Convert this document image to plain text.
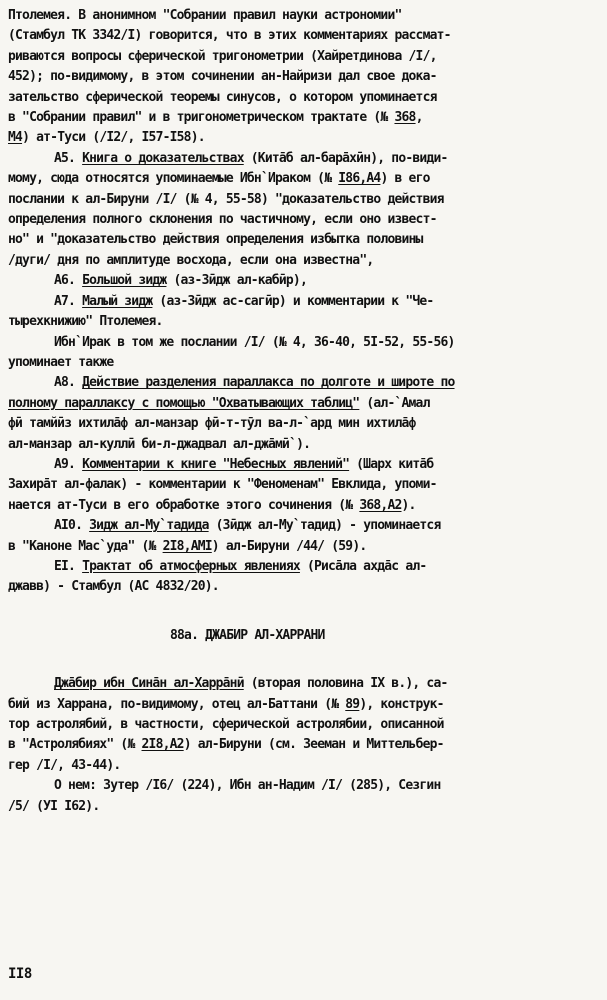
Птолемея. В анонимном "Собрании правил науки астрономии"
(Стамбул ТК 3342/I) говорится, что в этих комментариях рассмат-
риваются вопросы сферической тригонометрии (Хайретдинова /I/,
452); по-видимому, в этом сочинении ан-Найризи дал свое дока-
зательство сферической теоремы синусов, о котором упоминается
в "Собрании правил" и в тригонометрическом трактате (№ 368,
М4) ат-Туси (/I2/, I57-I58).
А5. Книга о доказательствах (Китāб ал-барāхӣн), по-види-
мому, сюда относятся упоминаемые Ибн`Ираком (№ I86,А4) в его
послании к ал-Бируни /I/ (№ 4, 55-58) "доказательство действия
определения полного склонения по частичному, если оно извест-
но" и "доказательство действия определения избытка половины
/дуги/ дня по амплитуде восхода, если она известна",
А6. Большой зидж (аз-Зӣдж ал-кабӣр),
А7. Малый зидж (аз-Зӣдж ас-сагӣр) и комментарии к "Че-
тырехкнижию" Птолемея.
Ибн`Ирак в том же послании /I/ (№ 4, 36-40, 5I-52, 55-56)
упоминает также
А8. Действие разделения параллакса по долготе и широте по
полному параллаксу с помощью "Охватывающих таблиц" (ал-`Амал
фӣ тамйӣз ихтилāф ал-манзар фӣ-т-тӯл ва-л-`ард мин ихтилāф
ал-манзар ал-куллӣ би-л-джадвал ал-джāмӣ`).
А9. Комментарии к книге "Небесных явлений" (Шарх китāб
Захирāт ал-фалак) - комментарии к "Феноменам" Евклида, упоми-
нается ат-Туси в его обработке этого сочинения (№ 368,А2).
АI0. Зидж ал-Му`тадида (Зӣдж ал-Му`тадид) - упоминается
в "Каноне Мас`уда" (№ 2I8,АМI) ал-Бируни /44/ (59).
ЕI. Трактат об атмосферных явлениях (Рисāла ахдāс ал-
джавв) - Стамбул (АС 4832/20).
88а. ДЖАБИР АЛ-ХАРРАНИ
Джāбир ибн Синāн ал-Харрāнӣ (вторая половина IX в.), са-
бий из Харрана, по-видимому, отец ал-Баттани (№ 89), конструк-
тор астролябий, в частности, сферической астролябии, описанной
в "Астролябиях" (№ 2I8,А2) ал-Бируни (см. Зееман и Миттельбер-
гер /I/, 43-44).
О нем: Зутер /I6/ (224), Ибн ан-Надим /I/ (285), Сезгин
/5/ (УI I62).
II8
